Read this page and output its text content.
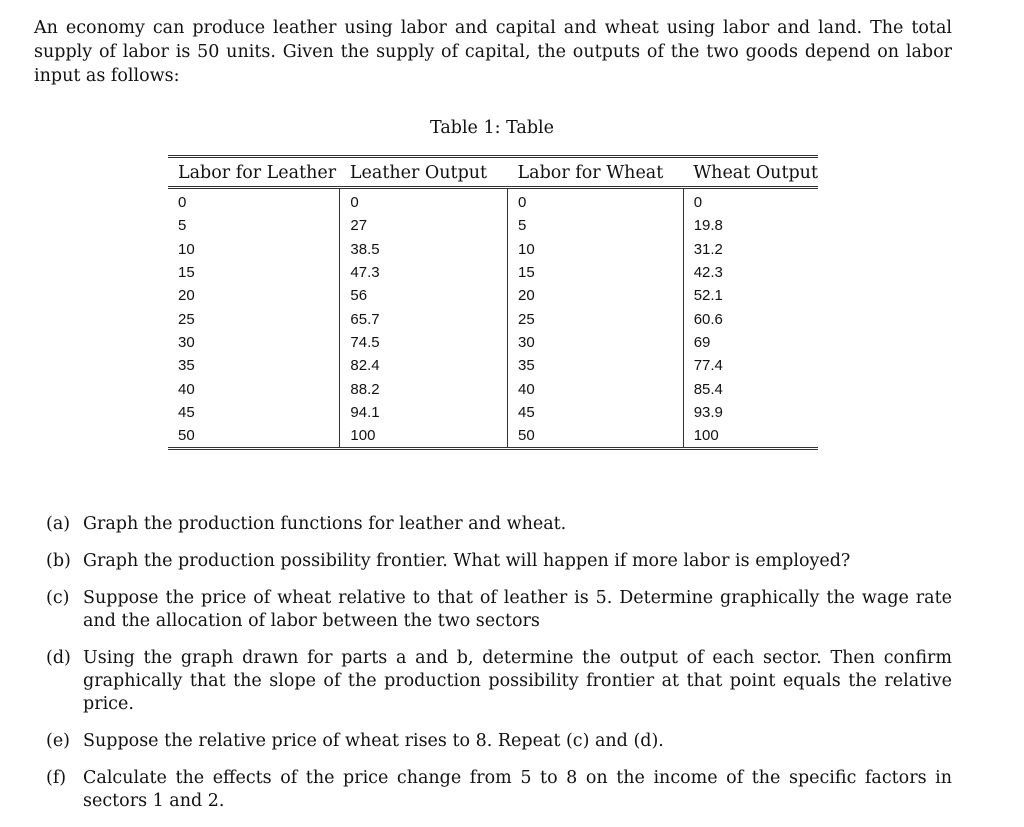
An economy can produce leather using labor and capital and wheat using labor and land. The total supply of labor is 50 units. Given the supply of capital, the outputs of the two goods depend on labor input as follows:

Table 1: Table
Labor for Leather	Leather Output	Labor for Wheat	Wheat Output
0	0	0	0
5	27	5	19.8
10	38.5	10	31.2
15	47.3	15	42.3
20	56	20	52.1
25	65.7	25	60.6
30	74.5	30	69
35	82.4	35	77.4
40	88.2	40	85.4
45	94.1	45	93.9
50	100	50	100
(a) Graph the production functions for leather and wheat.
(b) Graph the production possibility frontier. What will happen if more labor is employed?
(c) Suppose the price of wheat relative to that of leather is 5. Determine graphically the wage rate and the allocation of labor between the two sectors
(d) Using the graph drawn for parts a and b, determine the output of each sector. Then confirm graphically that the slope of the production possibility frontier at that point equals the relative price.
(e) Suppose the relative price of wheat rises to 8. Repeat (c) and (d).
(f) Calculate the effects of the price change from 5 to 8 on the income of the specific factors in sectors 1 and 2.
